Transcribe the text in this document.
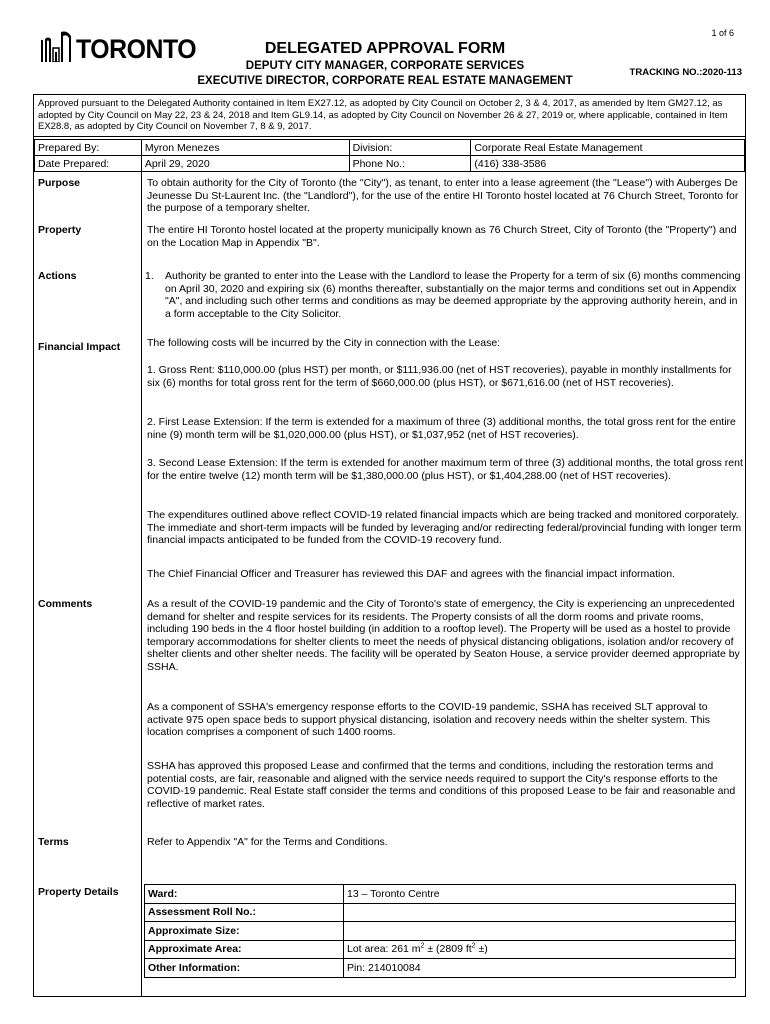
1 of 6
TORONTO	DELEGATED APPROVAL FORM
DEPUTY CITY MANAGER, CORPORATE SERVICES
EXECUTIVE DIRECTOR, CORPORATE REAL ESTATE MANAGEMENT
TRACKING NO.:2020-113
Approved pursuant to the Delegated Authority contained in Item EX27.12, as adopted by City Council on October 2, 3 & 4, 2017, as amended by Item GM27.12, as adopted by City Council on May 22, 23 & 24, 2018 and Item GL9.14, as adopted by City Council on November 26 & 27, 2019 or, where applicable, contained in Item EX28.8, as adopted by City Council on November 7, 8 & 9, 2017.
Prepared By:	Myron Menezes	Division:	Corporate Real Estate Management
Date Prepared:	April 29, 2020	Phone No.:	(416) 338-3586
Purpose	To obtain authority for the City of Toronto (the "City"), as tenant, to enter into a lease agreement (the "Lease") with Auberges De Jeunesse Du St-Laurent Inc. (the "Landlord"), for the use of the entire HI Toronto hostel located at 76 Church Street, Toronto for the purpose of a temporary shelter.
Property	The entire HI Toronto hostel located at the property municipally known as 76 Church Street, City of Toronto (the "Property") and on the Location Map in Appendix "B".
Actions	1.	Authority be granted to enter into the Lease with the Landlord to lease the Property for a term of six (6) months commencing on April 30, 2020 and expiring six (6) months thereafter, substantially on the major terms and conditions set out in Appendix "A", and including such other terms and conditions as may be deemed appropriate by the approving authority herein, and in a form acceptable to the City Solicitor.
Financial Impact	The following costs will be incurred by the City in connection with the Lease:
1. Gross Rent: $110,000.00 (plus HST) per month, or $111,936.00 (net of HST recoveries), payable in monthly installments for six (6) months for total gross rent for the term of $660,000.00 (plus HST), or $671,616.00 (net of HST recoveries).
2. First Lease Extension: If the term is extended for a maximum of three (3) additional months, the total gross rent for the entire nine (9) month term will be $1,020,000.00 (plus HST), or $1,037,952 (net of HST recoveries).
3. Second Lease Extension: If the term is extended for another maximum term of three (3) additional months, the total gross rent for the entire twelve (12) month term will be $1,380,000.00 (plus HST), or $1,404,288.00 (net of HST recoveries).
The expenditures outlined above reflect COVID-19 related financial impacts which are being tracked and monitored corporately. The immediate and short-term impacts will be funded by leveraging and/or redirecting federal/provincial funding with longer term financial impacts anticipated to be funded from the COVID-19 recovery fund.
The Chief Financial Officer and Treasurer has reviewed this DAF and agrees with the financial impact information.
Comments	As a result of the COVID-19 pandemic and the City of Toronto's state of emergency, the City is experiencing an unprecedented demand for shelter and respite services for its residents. The Property consists of all the dorm rooms and private rooms, including 190 beds in the 4 floor hostel building (in addition to a rooftop level). The Property will be used as a hostel to provide temporary accommodations for shelter clients to meet the needs of physical distancing obligations, isolation and/or recovery of shelter clients and other shelter needs. The facility will be operated by Seaton House, a service provider deemed appropriate by SSHA.
As a component of SSHA's emergency response efforts to the COVID-19 pandemic, SSHA has received SLT approval to activate 975 open space beds to support physical distancing, isolation and recovery needs within the shelter system. This location comprises a component of such 1400 rooms.
SSHA has approved this proposed Lease and confirmed that the terms and conditions, including the restoration terms and potential costs, are fair, reasonable and aligned with the service needs required to support the City's response efforts to the COVID-19 pandemic. Real Estate staff consider the terms and conditions of this proposed Lease to be fair and reasonable and reflective of market rates.
Terms	Refer to Appendix "A" for the Terms and Conditions.
Property Details	Ward:	13 – Toronto Centre
Assessment Roll No.:	
Approximate Size:	
Approximate Area:	Lot area: 261 $m^2 \pm (2809$ $ft^2$ ±)
Other Information:	Pin: 214010084
